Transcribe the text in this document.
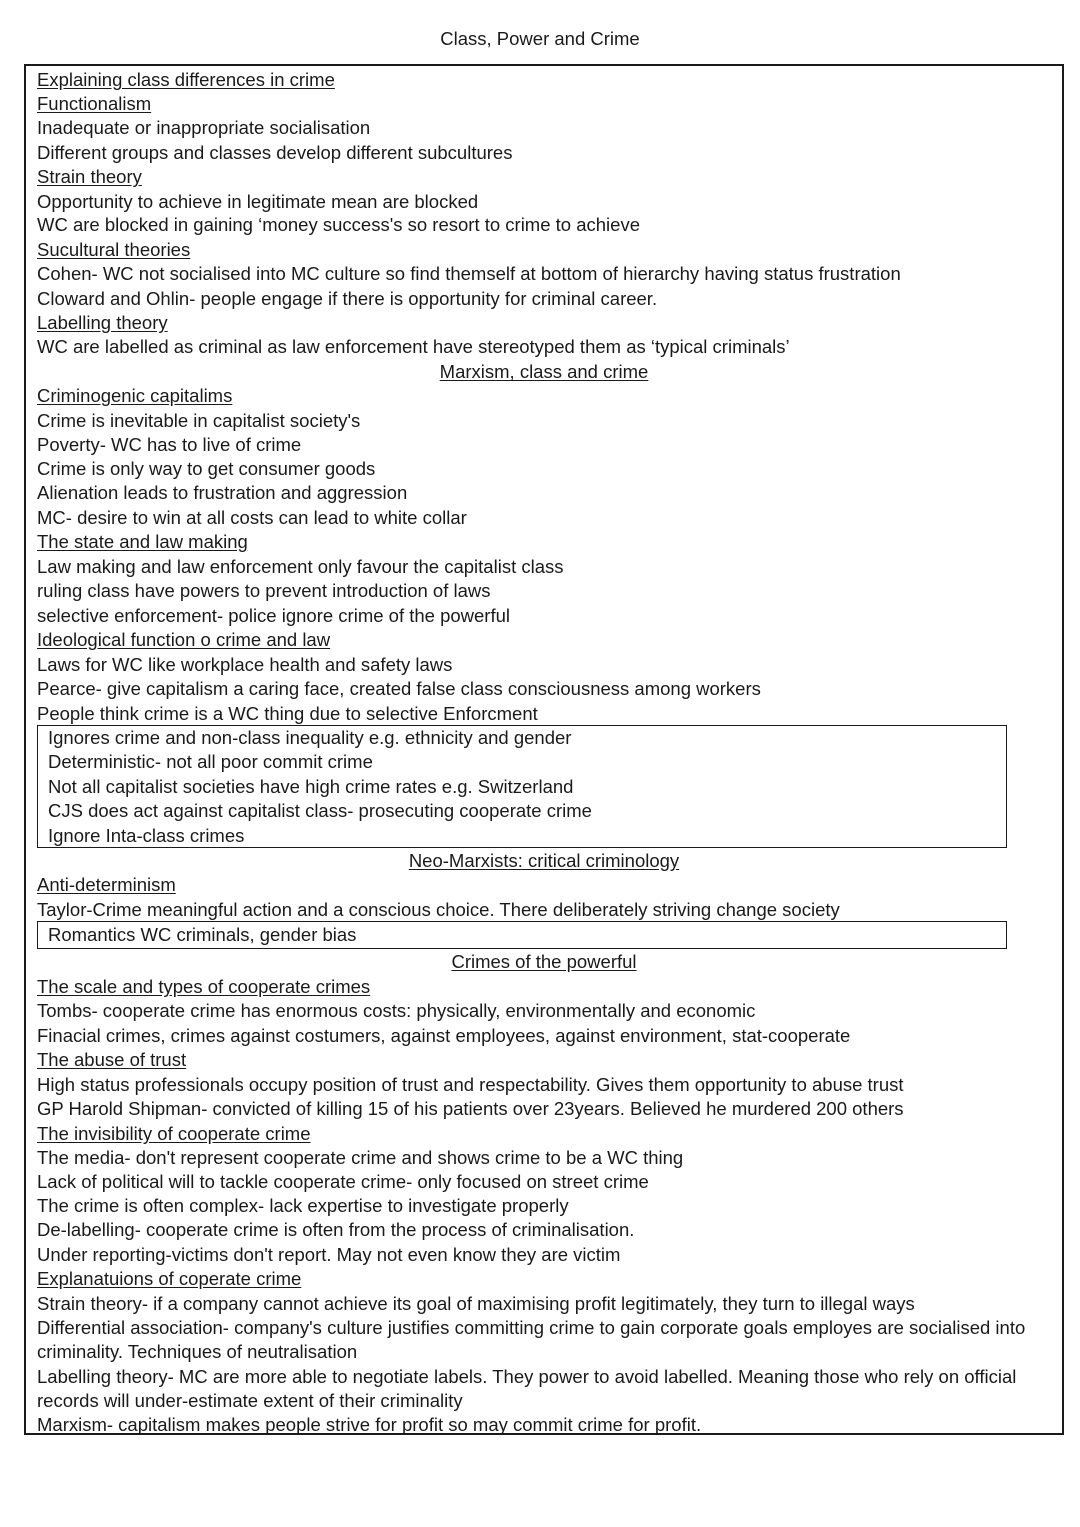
Class, Power and Crime
Explaining class differences in crime
Functionalism
Inadequate or inappropriate socialisation
Different groups and classes develop different subcultures
Strain theory
Opportunity to achieve in legitimate mean are blocked
WC are blocked in gaining ‘money success's so resort to crime to achieve
Sucultural theories
Cohen- WC not socialised into MC culture so find themself at bottom of hierarchy having status frustration
Cloward and Ohlin- people engage if there is opportunity for criminal career.
Labelling theory
WC are labelled as criminal as law enforcement have stereotyped them as ‘typical criminals’
Marxism, class and crime
Criminogenic capitalims
Crime is inevitable in capitalist society's
Poverty- WC has to live of crime
Crime is only way to get consumer goods
Alienation leads to frustration and aggression
MC- desire to win at all costs can lead to white collar
The state and law making
Law making and law enforcement only favour the capitalist class
ruling class have powers to prevent introduction of laws
selective enforcement- police ignore crime of the powerful
Ideological function o crime and law
Laws for WC like workplace health and safety laws
Pearce- give capitalism a caring face, created false class consciousness among workers
People think crime is a WC thing due to selective Enforcment
Ignores crime and non-class inequality e.g. ethnicity and gender
Deterministic- not all poor commit crime
Not all capitalist societies have high crime rates e.g. Switzerland
CJS does act against capitalist class- prosecuting cooperate crime
Ignore Inta-class crimes
Neo-Marxists: critical criminology
Anti-determinism
Taylor-Crime meaningful action and a conscious choice. There deliberately striving change society
Romantics WC criminals, gender bias
Crimes of the powerful
The scale and types of cooperate crimes
Tombs- cooperate crime has enormous costs: physically, environmentally and economic
Finacial crimes, crimes against costumers, against employees, against environment, stat-cooperate
The abuse of trust
High status professionals occupy position of trust and respectability. Gives them opportunity to abuse trust
GP Harold Shipman- convicted of killing 15 of his patients over 23years. Believed he murdered 200 others
The invisibility of cooperate crime
The media- don't represent cooperate crime and shows crime to be a WC thing
Lack of political will to tackle cooperate crime- only focused on street crime
The crime is often complex- lack expertise to investigate properly
De-labelling- cooperate crime is often from the process of criminalisation.
Under reporting-victims don't report. May not even know they are victim
Explanatuions of coperate crime
Strain theory- if a company cannot achieve its goal of maximising profit legitimately, they turn to illegal ways
Differential association- company's culture justifies committing crime to gain corporate goals employes are socialised into criminality. Techniques of neutralisation
Labelling theory- MC are more able to negotiate labels. They power to avoid labelled. Meaning those who rely on official records will under-estimate extent of their criminality
Marxism- capitalism makes people strive for profit so may commit crime for profit.
